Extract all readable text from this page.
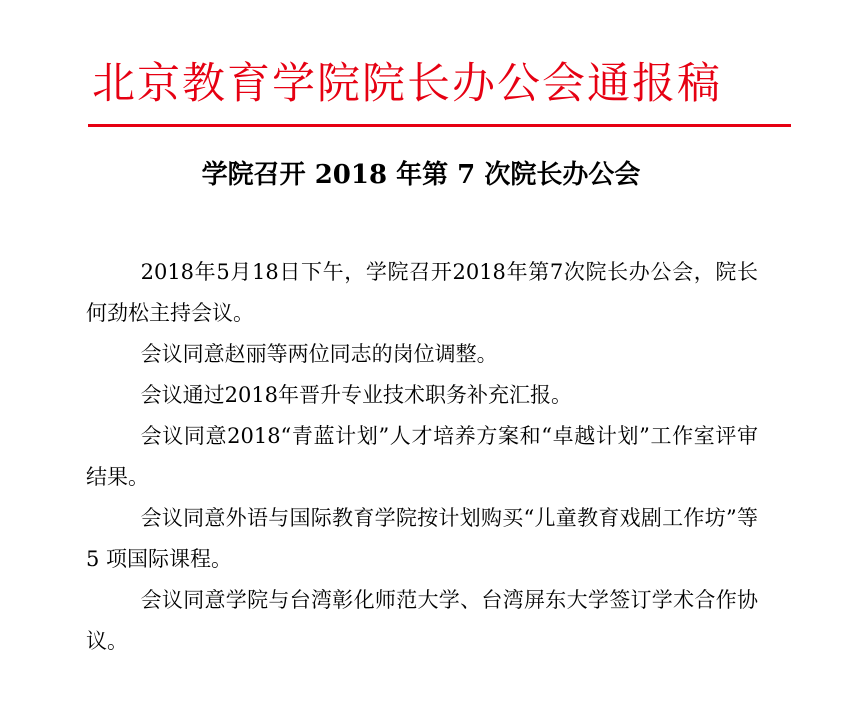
北京教育学院院长办公会通报稿
学院召开 2018 年第 7 次院长办公会

2018年5月18日下午，学院召开2018年第7次院长办公会，院长何劲松主持会议。

会议同意赵丽等两位同志的岗位调整。

会议通过2018年晋升专业技术职务补充汇报。

会议同意2018“青蓝计划”人才培养方案和“卓越计划”工作室评审结果。

会议同意外语与国际教育学院按计划购买“儿童教育戏剧工作坊”等 5 项国际课程。

会议同意学院与台湾彰化师范大学、台湾屏东大学签订学术合作协议。
